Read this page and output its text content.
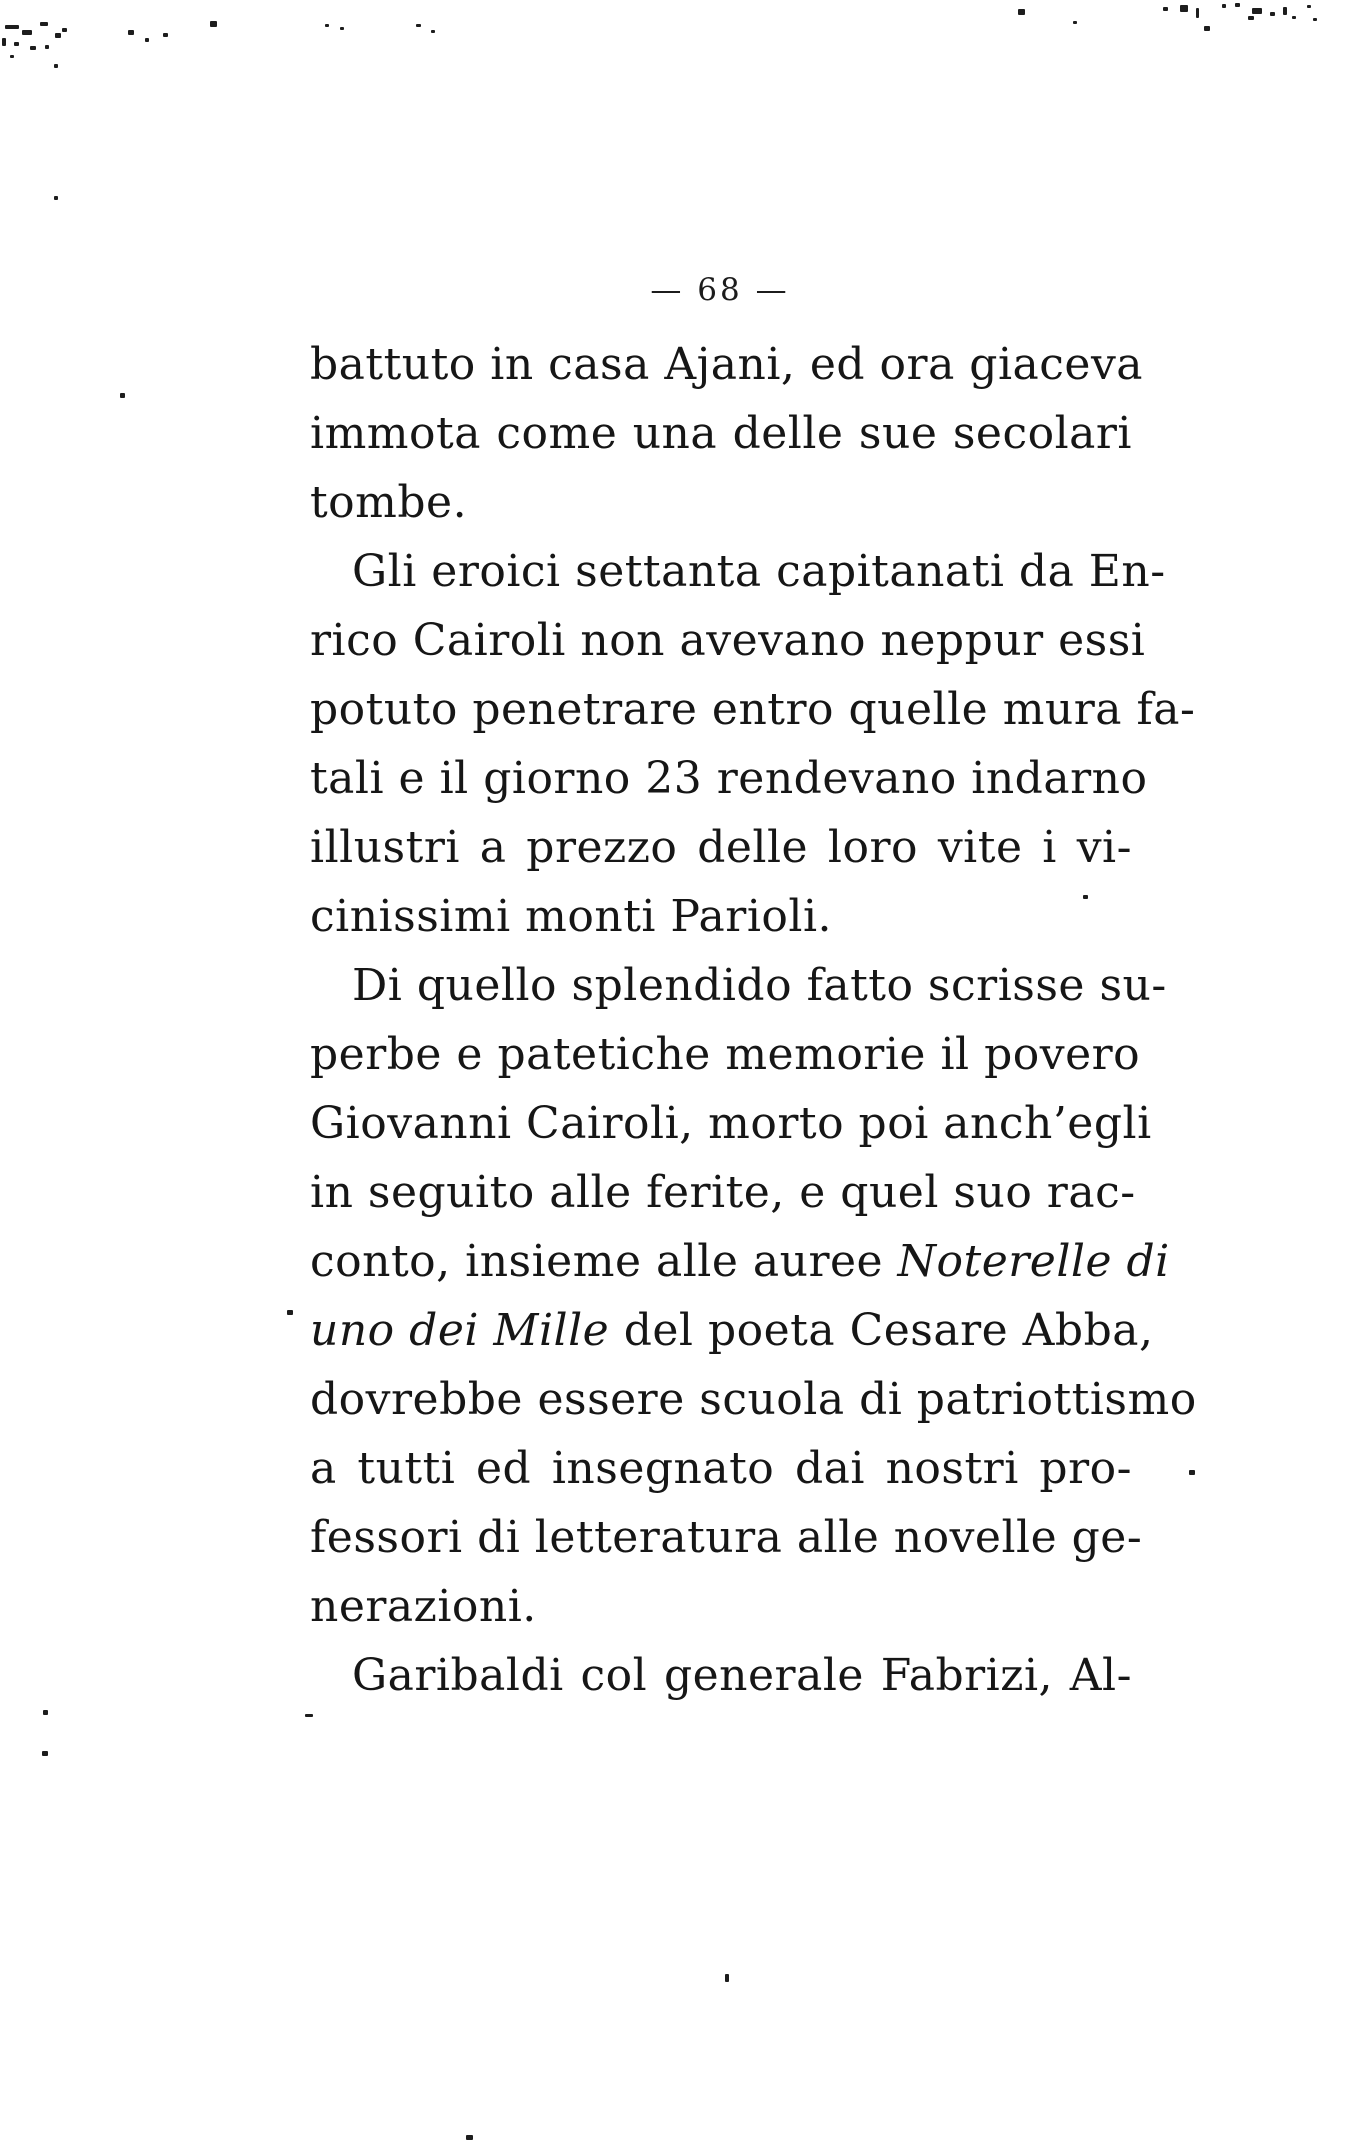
— 68 —
battuto in casa Ajani, ed ora giaceva
immota come una delle sue secolari
tombe.
Gli eroici settanta capitanati da En-
rico Cairoli non avevano neppur essi
potuto penetrare entro quelle mura fa-
tali e il giorno 23 rendevano indarno
illustri a prezzo delle loro vite i vi-
cinissimi monti Parioli.
Di quello splendido fatto scrisse su-
perbe e patetiche memorie il povero
Giovanni Cairoli, morto poi anch’egli
in seguito alle ferite, e quel suo rac-
conto, insieme alle auree Noterelle di
uno dei Mille del poeta Cesare Abba,
dovrebbe essere scuola di patriottismo
a tutti ed insegnato dai nostri pro-
fessori di letteratura alle novelle ge-
nerazioni.
Garibaldi col generale Fabrizi, Al-
